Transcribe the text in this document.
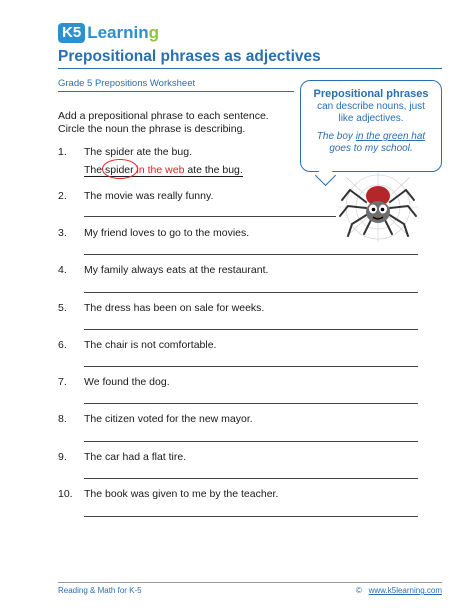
K5 Learning
Prepositional phrases as adjectives
Grade 5 Prepositions Worksheet
Prepositional phrases
can describe nouns, just
like adjectives.
The boy in the green hat
goes to my school.
Add a prepositional phrase to each sentence.
Circle the noun the phrase is describing.
1. The spider ate the bug.
The spider in the web ate the bug.
2. The movie was really funny.
3. My friend loves to go to the movies.
4. My family always eats at the restaurant.
5. The dress has been on sale for weeks.
6. The chair is not comfortable.
7. We found the dog.
8. The citizen voted for the new mayor.
9. The car had a flat tire.
10. The book was given to me by the teacher.
Reading & Math for K-5	© www.k5learning.com
